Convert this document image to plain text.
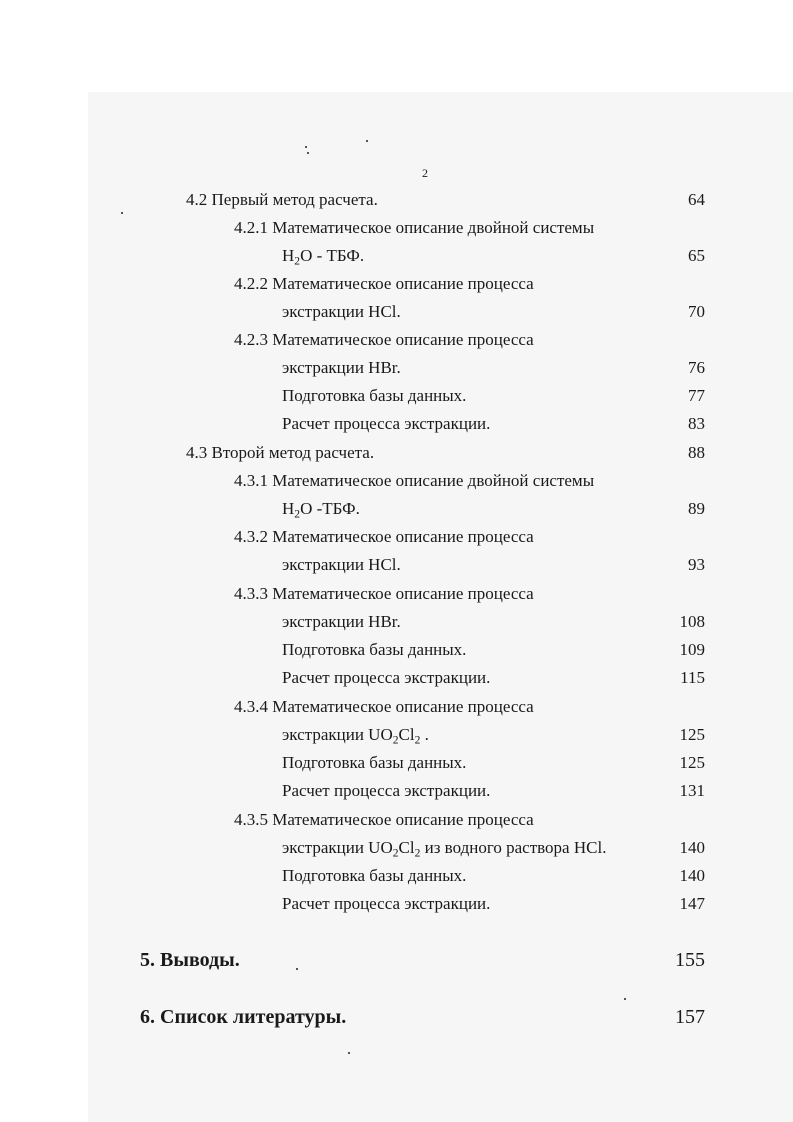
2
4.2 Первый метод расчета.	64
4.2.1 Математическое описание двойной системы
$H_2O$ - ТБФ.	65
4.2.2 Математическое описание процесса
экстракции HCl.	70
4.2.3 Математическое описание процесса
экстракции HBr.	76
Подготовка базы данных.	77
Расчет процесса экстракции.	83
4.3 Второй метод расчета.	88
4.3.1 Математическое описание двойной системы
$H_2O$ -ТБФ.	89
4.3.2 Математическое описание процесса
экстракции HCl.	93
4.3.3 Математическое описание процесса
экстракции HBr.	108
Подготовка базы данных.	109
Расчет процесса экстракции.	115
4.3.4 Математическое описание процесса
экстракции $UO_2Cl_2$ .	125
Подготовка базы данных.	125
Расчет процесса экстракции.	131
4.3.5 Математическое описание процесса
экстракции $UO_2Cl_2$ из водного раствора HCl.	140
Подготовка базы данных.	140
Расчет процесса экстракции.	147
5. Выводы.	155
6. Список литературы.	157
